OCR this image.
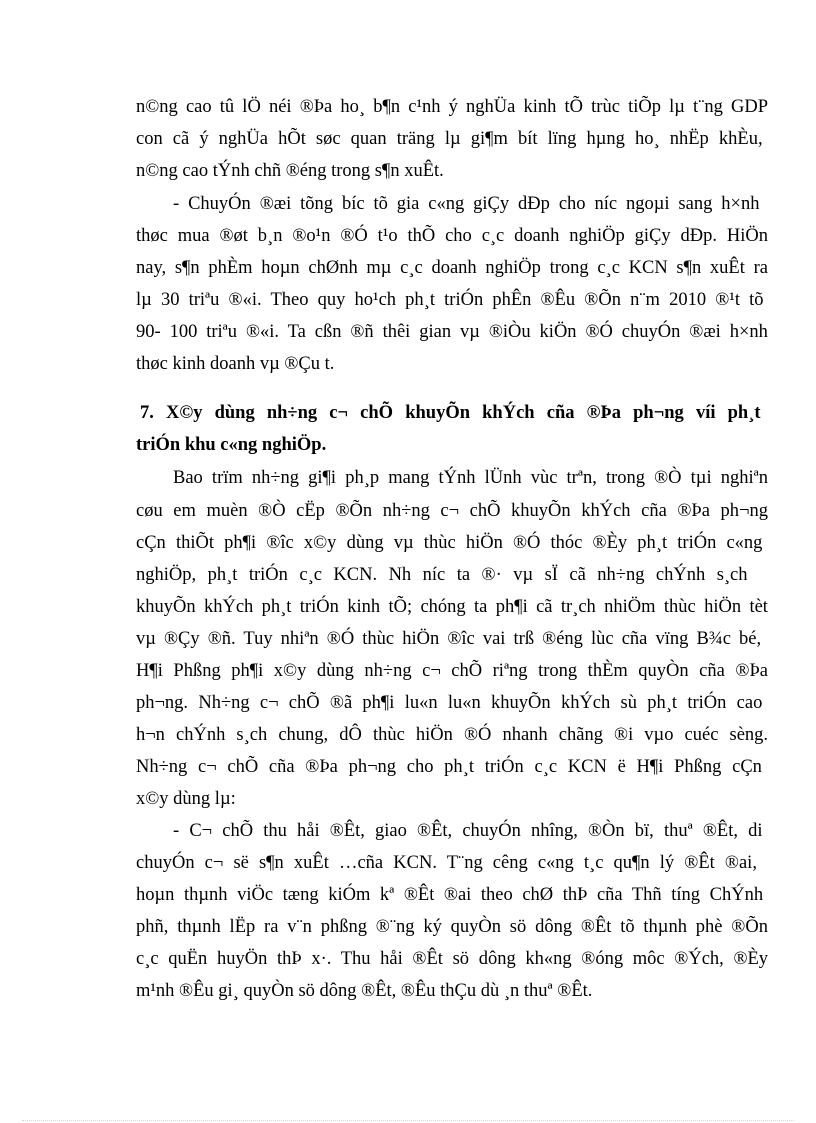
n©ng cao tû lÖ néi ®Þa ho¸ b¶n c¹nh ý nghÜa kinh tÕ trùc tiÕp lµ t¨ng GDP
con cã ý nghÜa hÕt søc quan träng lµ gi¶m bít lïng hµng ho¸ nhËp khÈu,
n©ng cao tÝnh chñ ®éng trong s¶n xuÊt.
- ChuyÓn ®æi tõng bíc tõ gia c«ng giÇy dÐp cho níc ngoµi sang h×nh
thøc mua ®øt b¸n ®o¹n ®Ó t¹o thÕ cho c¸c doanh nghiÖp giÇy dÐp. HiÖn
nay, s¶n phÈm hoµn chØnh mµ c¸c doanh nghiÖp trong c¸c KCN s¶n xuÊt ra
lµ 30 triªu ®«i. Theo quy ho¹ch ph¸t triÓn phÊn ®Êu ®Õn n¨m 2010 ®¹t tõ
90- 100 triªu ®«i. Ta cßn ®ñ thêi gian vµ ®iÒu kiÖn ®Ó chuyÓn ®æi h×nh
thøc kinh doanh vµ ®Çu t.
7. X©y dùng nh÷ng c¬ chÕ khuyÕn khÝch cña ®Þa ph¬ng víi ph¸t
triÓn khu c«ng nghiÖp.
Bao trïm nh÷ng gi¶i ph¸p mang tÝnh lÜnh vùc trªn, trong ®Ò tµi nghiªn
cøu em muèn ®Ò cËp ®Õn nh÷ng c¬ chÕ khuyÕn khÝch cña ®Þa ph¬ng
cÇn thiÕt ph¶i ®îc x©y dùng vµ thùc hiÖn ®Ó thóc ®Èy ph¸t triÓn c«ng
nghiÖp, ph¸t triÓn c¸c KCN. Nh níc ta ®· vµ sÏ cã nh÷ng chÝnh s¸ch
khuyÕn khÝch ph¸t triÓn kinh tÕ; chóng ta ph¶i cã tr¸ch nhiÖm thùc hiÖn tèt
vµ ®Çy ®ñ. Tuy nhiªn ®Ó thùc hiÖn ®îc vai trß ®éng lùc cña vïng B¾c bé,
H¶i Phßng ph¶i x©y dùng nh÷ng c¬ chÕ riªng trong thÈm quyÒn cña ®Þa
ph¬ng. Nh÷ng c¬ chÕ ®ã ph¶i lu«n lu«n khuyÕn khÝch sù ph¸t triÓn cao
h¬n chÝnh s¸ch chung, dÔ thùc hiÖn ®Ó nhanh chãng ®i vµo cuéc sèng.
Nh÷ng c¬ chÕ cña ®Þa ph¬ng cho ph¸t triÓn c¸c KCN ë H¶i Phßng cÇn
x©y dùng lµ:
- C¬ chÕ thu håi ®Êt, giao ®Êt, chuyÓn nhîng, ®Òn bï, thuª ®Êt, di
chuyÓn c¬ së s¶n xuÊt …cña KCN. T¨ng cêng c«ng t¸c qu¶n lý ®Êt ®ai,
hoµn thµnh viÖc tæng kiÓm kª ®Êt ®ai theo chØ thÞ cña Thñ tíng ChÝnh
phñ, thµnh lËp ra v¨n phßng ®¨ng ký quyÒn sö dông ®Êt tõ thµnh phè ®Õn
c¸c quËn huyÖn thÞ x·. Thu håi ®Êt sö dông kh«ng ®óng môc ®Ých, ®Èy
m¹nh ®Êu gi¸ quyÒn sö dông ®Êt, ®Êu thÇu dù ¸n thuª ®Êt.
